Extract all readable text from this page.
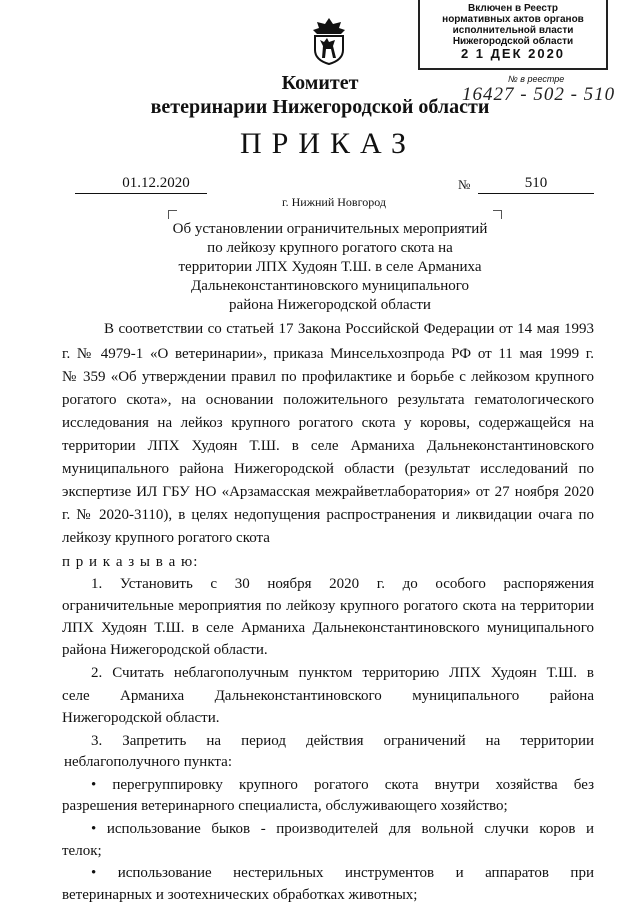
Включен в Реестр
нормативных актов органов
исполнительной власти
Нижегородской области
2 1 ДЕК 2020
№ в реестре
16427 - 502 - 510
Комитет
ветеринарии Нижегородской области
ПРИКАЗ
01.12.2020	№	510
г. Нижний Новгород
Об установлении ограничительных мероприятий
по лейкозу крупного рогатого скота на
территории ЛПХ Худоян Т.Ш. в селе Арманиха
Дальнеконстантиновского муниципального
района Нижегородской области
В соответствии со статьей 17 Закона Российской Федерации от 14 мая 1993
г. № 4979-1 «О ветеринарии», приказа Минсельхозпрода РФ от 11 мая 1999 г.
№ 359 «Об утверждении правил по профилактике и борьбе с лейкозом крупного
рогатого скота», на основании положительного результата гематологического
исследования на лейкоз крупного рогатого скота у коровы, содержащейся на
территории ЛПХ Худоян Т.Ш. в селе Арманиха Дальнеконстантиновского
муниципального района Нижегородской области (результат исследований по
экспертизе ИЛ ГБУ НО «Арзамасская межрайветлаборатория» от 27 ноября 2020
г. № 2020-3110), в целях недопущения распространения и ликвидации очага по
лейкозу крупного рогатого скота
п р и к а з ы в а ю:
1. Установить с 30 ноября 2020 г. до особого распоряжения
ограничительные мероприятия по лейкозу крупного рогатого скота на территории
ЛПХ Худоян Т.Ш. в селе Арманиха Дальнеконстантиновского муниципального
района Нижегородской области.
2. Считать неблагополучным пунктом территорию ЛПХ Худоян Т.Ш. в
селе Арманиха Дальнеконстантиновского муниципального района
Нижегородской области.
3. Запретить на период действия ограничений на территории
неблагополучного пункта:
• перегруппировку крупного рогатого скота внутри хозяйства без
разрешения ветеринарного специалиста, обслуживающего хозяйство;
• использование быков - производителей для вольной случки коров и
телок;
• использование нестерильных инструментов и аппаратов при
ветеринарных и зоотехнических обработках животных;
